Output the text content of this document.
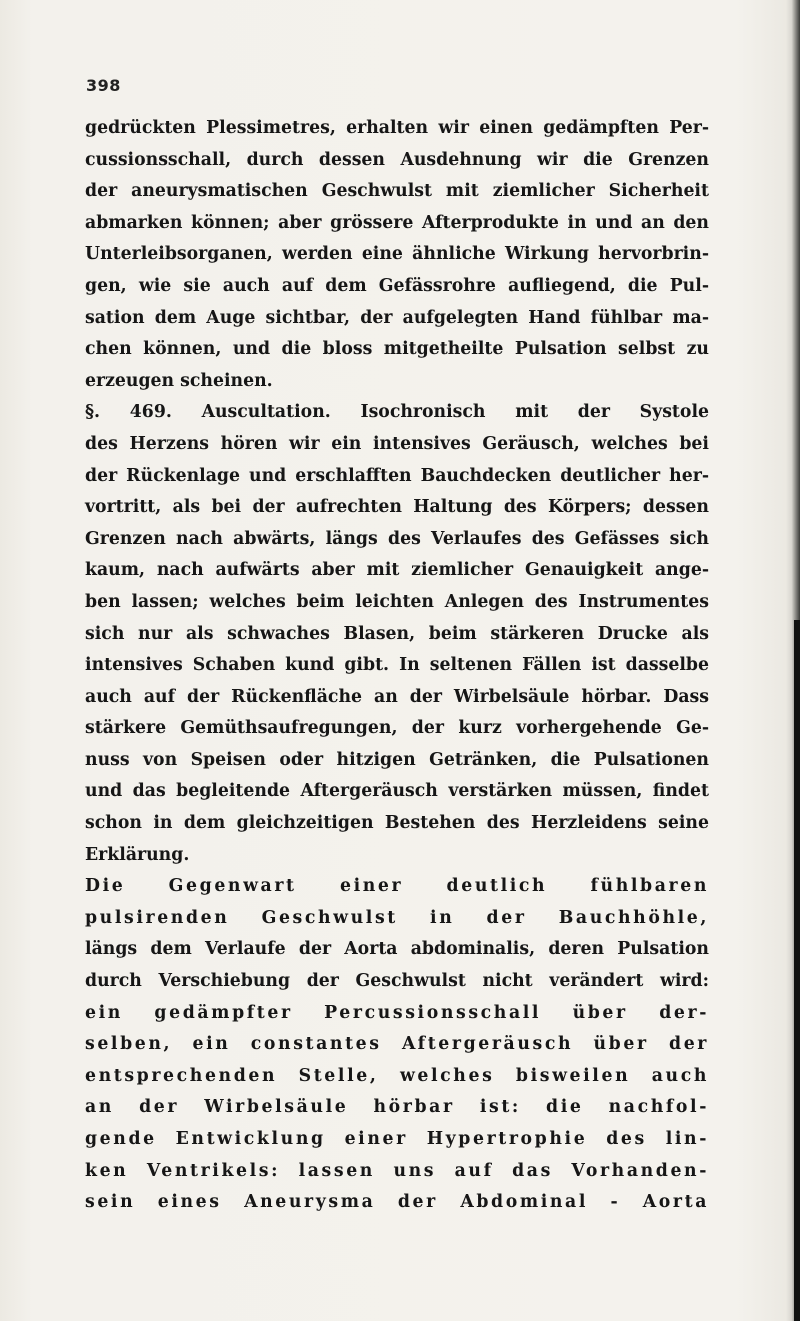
398
gedrückten Plessimetres, erhalten wir einen gedämpften Per-
cussionsschall, durch dessen Ausdehnung wir die Grenzen
der aneurysmatischen Geschwulst mit ziemlicher Sicherheit
abmarken können; aber grössere Afterprodukte in und an den
Unterleibsorganen, werden eine ähnliche Wirkung hervorbrin-
gen, wie sie auch auf dem Gefässrohre aufliegend, die Pul-
sation dem Auge sichtbar, der aufgelegten Hand fühlbar ma-
chen können, und die bloss mitgetheilte Pulsation selbst zu
erzeugen scheinen.
§. 469. Auscultation. Isochronisch mit der Systole
des Herzens hören wir ein intensives Geräusch, welches bei
der Rückenlage und erschlafften Bauchdecken deutlicher her-
vortritt, als bei der aufrechten Haltung des Körpers; dessen
Grenzen nach abwärts, längs des Verlaufes des Gefässes sich
kaum, nach aufwärts aber mit ziemlicher Genauigkeit ange-
ben lassen; welches beim leichten Anlegen des Instrumentes
sich nur als schwaches Blasen, beim stärkeren Drucke als
intensives Schaben kund gibt. In seltenen Fällen ist dasselbe
auch auf der Rückenfläche an der Wirbelsäule hörbar. Dass
stärkere Gemüthsaufregungen, der kurz vorhergehende Ge-
nuss von Speisen oder hitzigen Getränken, die Pulsationen
und das begleitende Aftergeräusch verstärken müssen, findet
schon in dem gleichzeitigen Bestehen des Herzleidens seine
Erklärung.
Die Gegenwart einer deutlich fühlbaren
pulsirenden Geschwulst in der Bauchhöhle,
längs dem Verlaufe der Aorta abdominalis, deren Pulsation
durch Verschiebung der Geschwulst nicht verändert wird:
ein gedämpfter Percussionsschall über der-
selben, ein constantes Aftergeräusch über der
entsprechenden Stelle, welches bisweilen auch
an der Wirbelsäule hörbar ist: die nachfol-
gende Entwicklung einer Hypertrophie des lin-
ken Ventrikels: lassen uns auf das Vorhanden-
sein eines Aneurysma der Abdominal - Aorta
